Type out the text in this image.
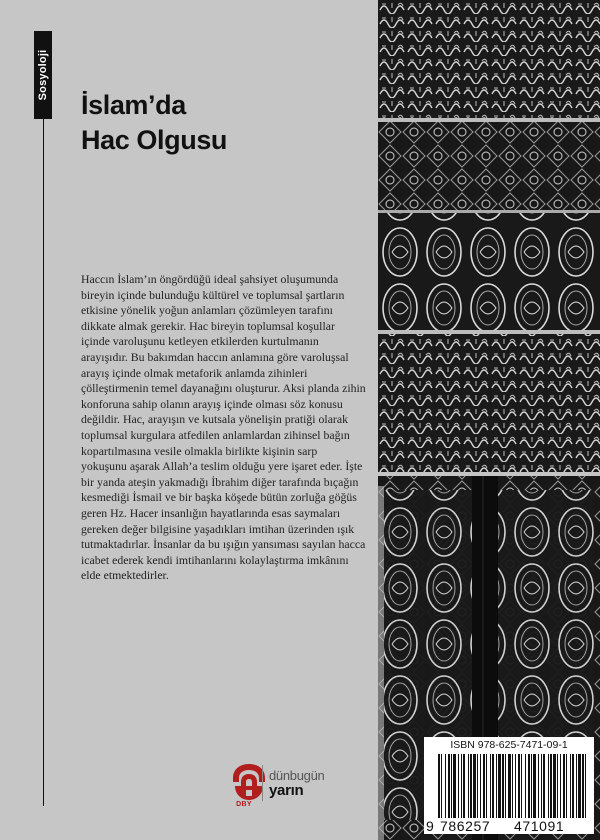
Sosyoloji
İslam’da
Hac Olgusu

Haccın İslam’ın öngördüğü ideal şahsiyet oluşumunda bireyin içinde bulunduğu kültürel ve toplumsal şartların etkisine yönelik yoğun anlamları çözümleyen tarafını dikkate almak gerekir. Hac bireyin toplumsal koşullar içinde varoluşunu ketleyen etkilerden kurtulmanın arayışıdır. Bu bakımdan haccın anlamına göre varoluşsal arayış içinde olmak metaforik anlamda zihinleri çölleştirmenin temel dayanağını oluşturur. Aksi planda zihin konforuna sahip olanın arayış içinde olması söz konusu değildir. Hac, arayışın ve kutsala yönelişin pratiği olarak toplumsal kurgulara atfedilen anlamlardan zihinsel bağın kopartılmasına vesile olmakla birlikte kişinin sarp yokuşunu aşarak Allah’a teslim olduğu yere işaret eder. İşte bir yanda ateşin yakmadığı İbrahim diğer tarafında bıçağın kesmediği İsmail ve bir başka köşede bütün zorluğa göğüs geren Hz. Hacer insanlığın hayatlarında esas saymaları gereken değer bilgisine yaşadıkları imtihan üzerinden ışık tutmaktadırlar. İnsanlar da bu ışığın yansıması sayılan hacca icabet ederek kendi imtihanlarını kolaylaştırma imkânını elde etmektedirler.

DBY
dünbugün
yarın
ISBN 978-625-7471-09-1
9 786257 471091
